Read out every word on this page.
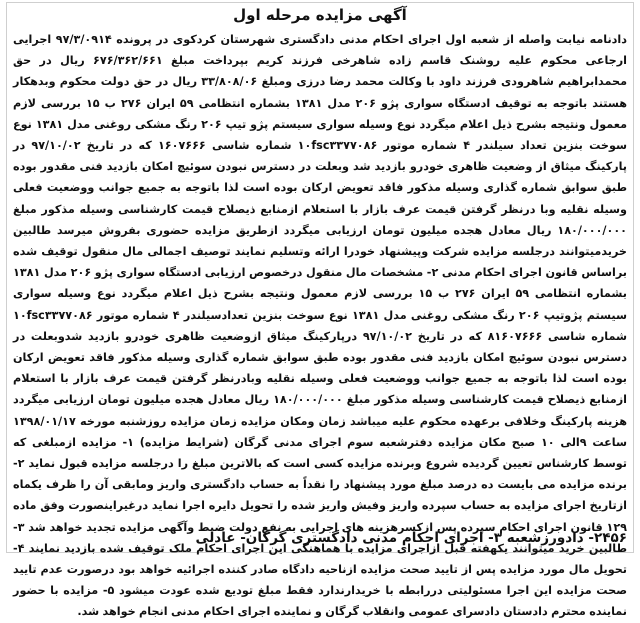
آگهی مزایده مرحله اول
دادنامه نیابت واصله از شعبه اول اجرای احکام مدنی دادگستری شهرستان کردکوی در پرونده ۹۷/۳/۰۹۱۴ اجرایی ارجاعی محکوم علیه روشنک قاسم زاده شاهرخی فرزند کریم بپرداخت مبلغ ۶۷۶/۳۶۲/۶۶۱ ریال در حق محمدابراهیم شاهرودی فرزند داود با وکالت محمد رضا درزی ومبلغ ۳۳/۸۰۸/۰۶ ریال در حق دولت محکوم وبدهکار هستند باتوجه به توقیف ادستگاه سواری پژو ۲۰۶ مدل ۱۳۸۱ بشماره انتظامی ۵۹ ایران ۲۷۶ ب ۱۵ بررسی لازم معمول ونتیجه بشرح ذیل اعلام میگردد نوع وسیله سواری سیستم پژو تیپ ۲۰۶ رنگ مشکی روغنی مدل ۱۳۸۱ نوع سوخت بنزین تعداد سیلندر ۴ شماره موتور ۱۰fsc۳۳۷۷۰۸۶ شماره شاسی ۱۶۰۷۶۶۶ که در تاریخ ۹۷/۱۰/۰۲ در پارکینگ میثاق از وضعیت ظاهری خودرو بازدید شد وبعلت در دسترس نبودن سوئیچ امکان بازدید فنی مقدور بوده طبق سوابق شماره گذاری وسیله مذکور فاقد تعویض ارکان بوده است لذا باتوجه به جمیع جوانب ووضعیت فعلی وسیله نقلیه وبا درنظر گرفتن قیمت عرف بازار با استعلام ازمنابع ذیصلاح قیمت کارشناسی وسیله مذکور مبلغ ۱۸۰/۰۰۰/۰۰۰ ریال معادل هجده میلیون تومان ارزیابی میگردد ازطریق مزایده حضوری بفروش میرسد طالبین خریدمیتوانند درجلسه مزایده شرکت وپیشنهاد خودرا ارائه وتسلیم نمایند توصیف اجمالی مال منقول توقیف شده براساس قانون اجرای احکام مدنی ۲- مشخصات مال منقول درخصوص ارزیابی ادستگاه سواری پژو ۲۰۶ مدل ۱۳۸۱ بشماره انتظامی ۵۹ ایران ۲۷۶ ب ۱۵ بررسی لازم معمول ونتیجه بشرح ذیل اعلام میگردد نوع وسیله سواری سیستم پژوتیپ ۲۰۶ رنگ مشکی روغنی مدل ۱۳۸۱ نوع سوخت بنزین تعدادسیلندر ۴ شماره موتور ۱۰fsc۳۳۷۷۰۸۶ شماره شاسی ۸۱۶۰۷۶۶۶ که در تاریخ ۹۷/۱۰/۰۲ درپارکینگ میثاق ازوضعیت ظاهری خودرو بازدید شدوبعلت در دسترس نبودن سوئیچ امکان بازدید فنی مقدور بوده طبق سوابق شماره گذاری وسیله مذکور فاقد تعویض ارکان بوده است لذا باتوجه به جمیع جوانب ووضعیت فعلی وسیله نقلیه وبادرنظر گرفتن قیمت عرف بازار با استعلام ازمنابع ذیصلاح قیمت کارشناسی وسیله مذکور مبلغ ۱۸۰/۰۰۰/۰۰۰ ریال معادل هجده میلیون تومان ارزیابی میگردد هزینه پارکینگ وخلافی برعهده محکوم علیه میباشد زمان ومکان مزایده زمان مزایده روزشنبه مورخه ۱۳۹۸/۰۱/۱۷ ساعت ۹الی ۱۰ صبح مکان مزایده دفترشعبه سوم اجرای مدنی گرگان (شرایط مزایده) ۱- مزایده ازمبلغی که توسط کارشناس تعیین گردیده شروع وبرنده مزایده کسی است که بالاترین مبلغ را درجلسه مزایده قبول نماید ۲- برنده مزایده می بایست ده درصد مبلغ مورد پیشنهاد را نقداً به حساب دادگستری واریز ومابقی آن را ظرف یکماه ازتاریخ اجرای مزایده به حساب سپرده واریز وفیش واریز شده را تحویل دایره اجرا نماید درغیراینصورت وفق ماده ۱۲۹ قانون اجرای احکام سپرده پس ازکسرهزینه های اجرایی به نفع دولت ضبط وآگهی مزایده تجدید خواهد شد ۳- طالبین خرید میتوانند یکهفته قبل ازاجرای مزایده با هماهنگی این اجرای احکام ملک توقیف شده بازدید نمایند ۴- تحویل مال مورد مزایده پس از تایید صحت مزایده ازناحیه دادگاه صادر کننده اجرائیه خواهد بود درصورت عدم تایید صحت مزایده این اجرا مسئولیتی دررابطه با خریدارندارد فقط مبلغ تودیع شده عودت میشود ۵- مزایده با حضور نماینده محترم دادستان دادسرای عمومی وانقلاب گرگان و نماینده اجرای احکام مدنی انجام خواهد شد.
۲۴۵۶- دادورزشعبه ۳- اجرای احکام مدنی دادگستری گرگان- عادلی
